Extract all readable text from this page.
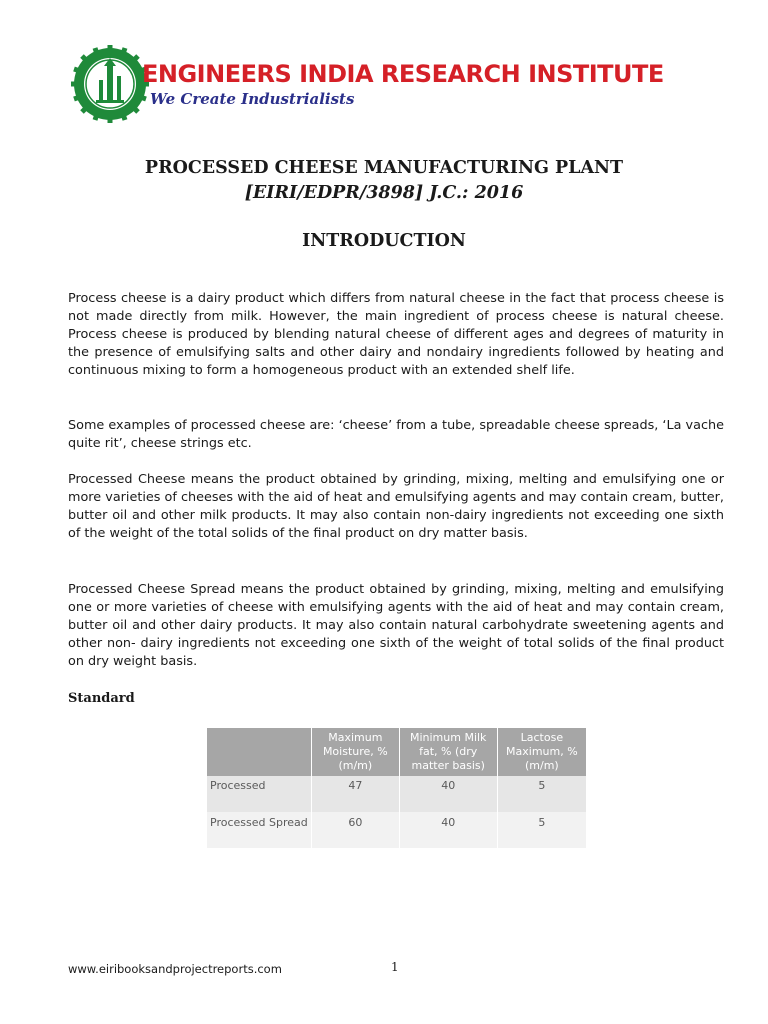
ENGINEERS INDIA RESEARCH INSTITUTE
We Create Industrialists
PROCESSED CHEESE MANUFACTURING PLANT
[EIRI/EDPR/3898] J.C.: 2016
INTRODUCTION

Process cheese is a dairy product which differs from natural cheese in the fact that process cheese is not made directly from milk. However, the main ingredient of process cheese is natural cheese. Process cheese is produced by blending natural cheese of different ages and degrees of maturity in the presence of emulsifying salts and other dairy and nondairy ingredients followed by heating and continuous mixing to form a homogeneous product with an extended shelf life.

Some examples of processed cheese are: ‘cheese’ from a tube, spreadable cheese spreads, ‘La vache quite rit’, cheese strings etc.

Processed Cheese means the product obtained by grinding, mixing, melting and emulsifying one or more varieties of cheeses with the aid of heat and emulsifying agents and may contain cream, butter, butter oil and other milk products. It may also contain non-dairy ingredients not exceeding one sixth of the weight of the total solids of the final product on dry matter basis.

Processed Cheese Spread means the product obtained by grinding, mixing, melting and emulsifying one or more varieties of cheese with emulsifying agents with the aid of heat and may contain cream, butter oil and other dairy products. It may also contain natural carbohydrate sweetening agents and other non- dairy ingredients not exceeding one sixth of the weight of total solids of the final product on dry weight basis.

Standard
	Maximum Moisture, % (m/m)	Minimum Milk fat, % (dry matter basis)	Lactose Maximum, % (m/m)
Processed	47	40	5
Processed Spread	60	40	5
www.eiribooksandprojectreports.com	1
